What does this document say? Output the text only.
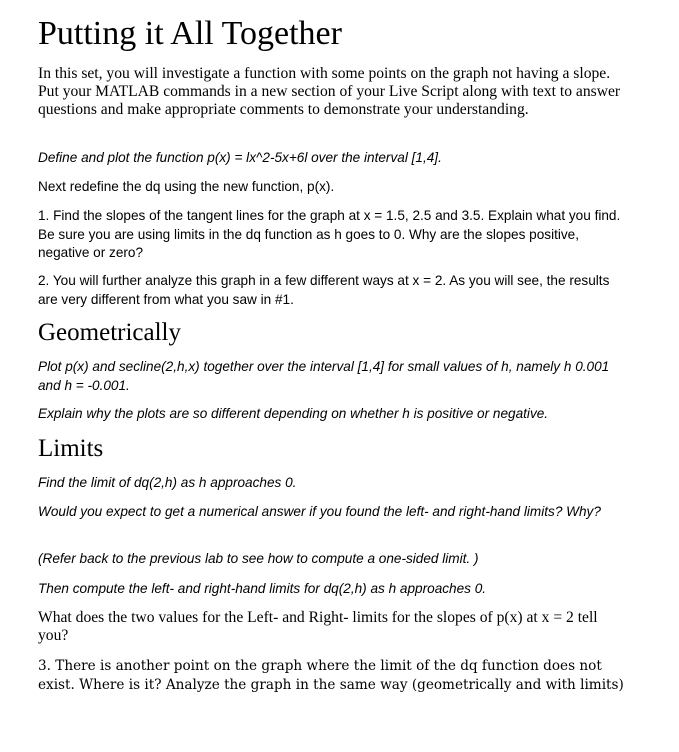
Putting it All Together

In this set, you will investigate a function with some points on the graph not having a slope. Put your MATLAB commands in a new section of your Live Script along with text to answer questions and make appropriate comments to demonstrate your understanding.

Define and plot the function p(x) = lx^2-5x+6l over the interval [1,4].

Next redefine the dq using the new function, p(x).

1. Find the slopes of the tangent lines for the graph at x = 1.5, 2.5 and 3.5. Explain what you find. Be sure you are using limits in the dq function as h goes to 0. Why are the slopes positive, negative or zero?

2. You will further analyze this graph in a few different ways at x = 2. As you will see, the results are very different from what you saw in #1.

Geometrically

Plot p(x) and secline(2,h,x) together over the interval [1,4] for small values of h, namely h 0.001 and h = -0.001.

Explain why the plots are so different depending on whether h is positive or negative.

Limits

Find the limit of dq(2,h) as h approaches 0.

Would you expect to get a numerical answer if you found the left- and right-hand limits? Why?

(Refer back to the previous lab to see how to compute a one-sided limit. )

Then compute the left- and right-hand limits for dq(2,h) as h approaches 0.

What does the two values for the Left- and Right- limits for the slopes of p(x) at x = 2 tell you?

3. There is another point on the graph where the limit of the dq function does not exist. Where is it? Analyze the graph in the same way (geometrically and with limits)
